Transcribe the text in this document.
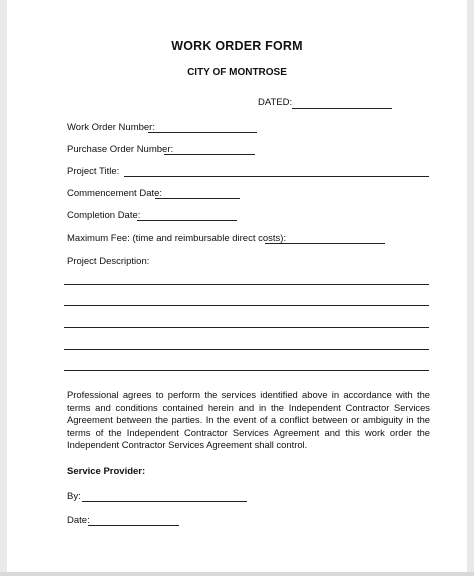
WORK ORDER FORM
CITY OF MONTROSE
DATED:
Work Order Number:
Purchase Order Number:
Project Title:
Commencement Date:
Completion Date:
Maximum Fee: (time and reimbursable direct costs):
Project Description:
Professional agrees to perform the services identified above in accordance with the terms and conditions contained herein and in the Independent Contractor Services Agreement between the parties. In the event of a conflict between or ambiguity in the terms of the Independent Contractor Services Agreement and this work order the Independent Contractor Services Agreement shall control.
Service Provider:
By:
Date:
